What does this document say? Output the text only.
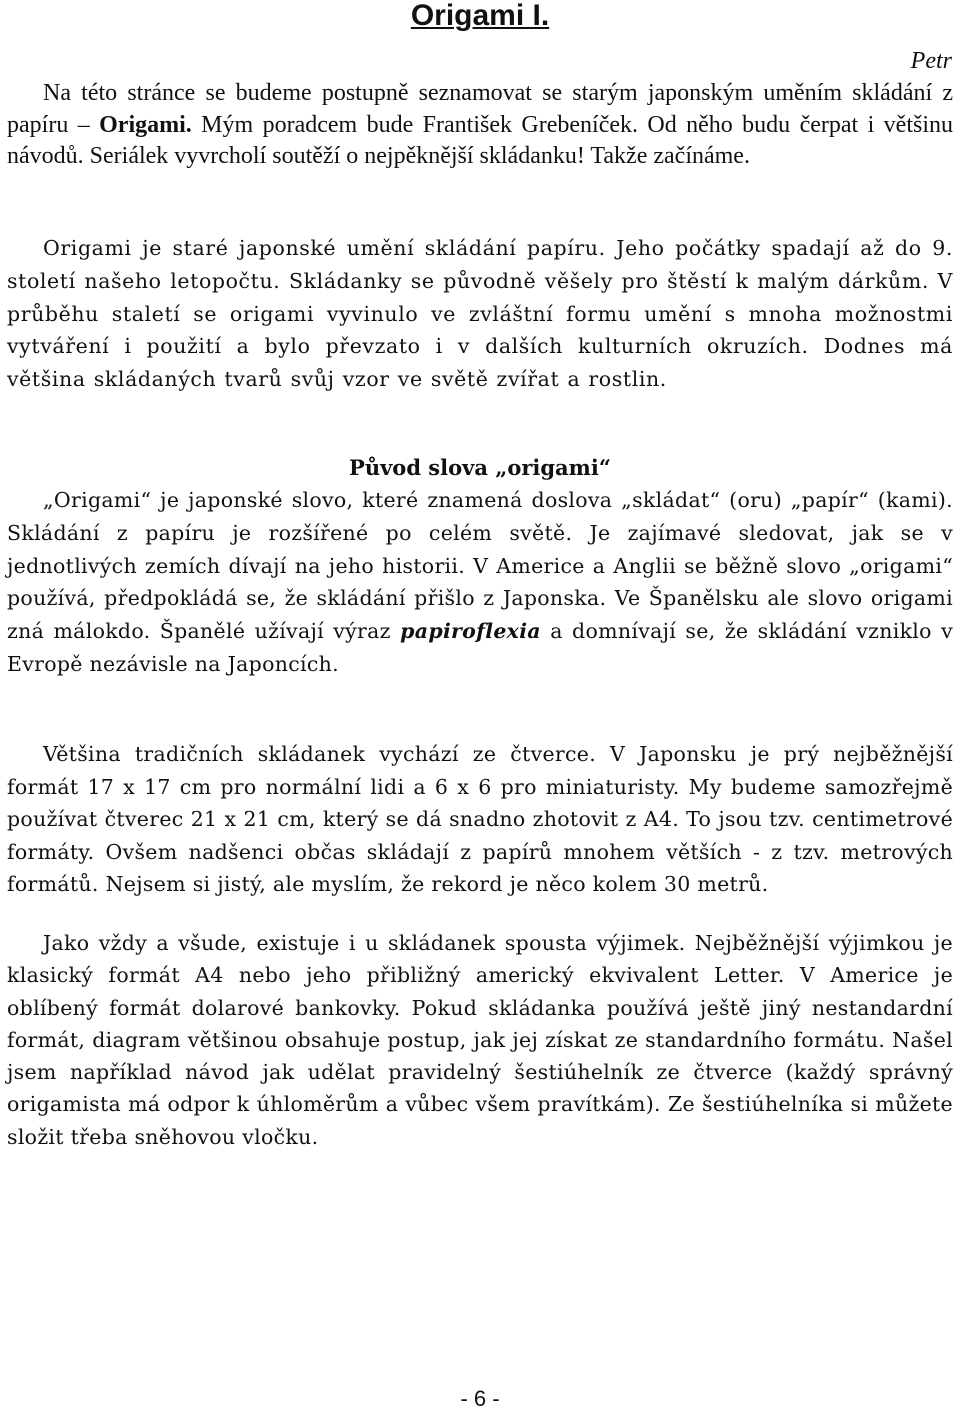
Origami I.
Petr

Na této stránce se budeme postupně seznamovat se starým japonským uměním skládání z papíru – Origami. Mým poradcem bude František Grebeníček. Od něho budu čerpat i většinu návodů. Seriálek vyvrcholí soutěží o nejpěknější skládanku! Takže začínáme.

Origami je staré japonské umění skládání papíru. Jeho počátky spadají až do 9. století našeho letopočtu. Skládanky se původně věšely pro štěstí k malým dárkům. V průběhu staletí se origami vyvinulo ve zvláštní formu umění s mnoha možnostmi vytváření i použití a bylo převzato i v dalších kulturních okruzích. Dodnes má většina skládaných tvarů svůj vzor ve světě zvířat a rostlin.

Původ slova „origami“

„Origami“ je japonské slovo, které znamená doslova „skládat“ (oru) „papír“ (kami). Skládání z papíru je rozšířené po celém světě. Je zajímavé sledovat, jak se v jednotlivých zemích dívají na jeho historii. V Americe a Anglii se běžně slovo „origami“ používá, předpokládá se, že skládání přišlo z Japonska. Ve Španělsku ale slovo origami zná málokdo. Španělé užívají výraz papiroflexia a domnívají se, že skládání vzniklo v Evropě nezávisle na Japoncích.

Většina tradičních skládanek vychází ze čtverce. V Japonsku je prý nejběžnější formát 17 x 17 cm pro normální lidi a 6 x 6 pro miniaturisty. My budeme samozřejmě používat čtverec 21 x 21 cm, který se dá snadno zhotovit z A4. To jsou tzv. centimetrové formáty. Ovšem nadšenci občas skládají z papírů mnohem větších - z tzv. metrových formátů. Nejsem si jistý, ale myslím, že rekord je něco kolem 30 metrů.

Jako vždy a všude, existuje i u skládanek spousta výjimek. Nejběžnější výjimkou je klasický formát A4 nebo jeho přibližný americký ekvivalent Letter. V Americe je oblíbený formát dolarové bankovky. Pokud skládanka používá ještě jiný nestandardní formát, diagram většinou obsahuje postup, jak jej získat ze standardního formátu. Našel jsem například návod jak udělat pravidelný šestiúhelník ze čtverce (každý správný origamista má odpor k úhloměrům a vůbec všem pravítkám). Ze šestiúhelníka si můžete složit třeba sněhovou vločku.

- 6 -
